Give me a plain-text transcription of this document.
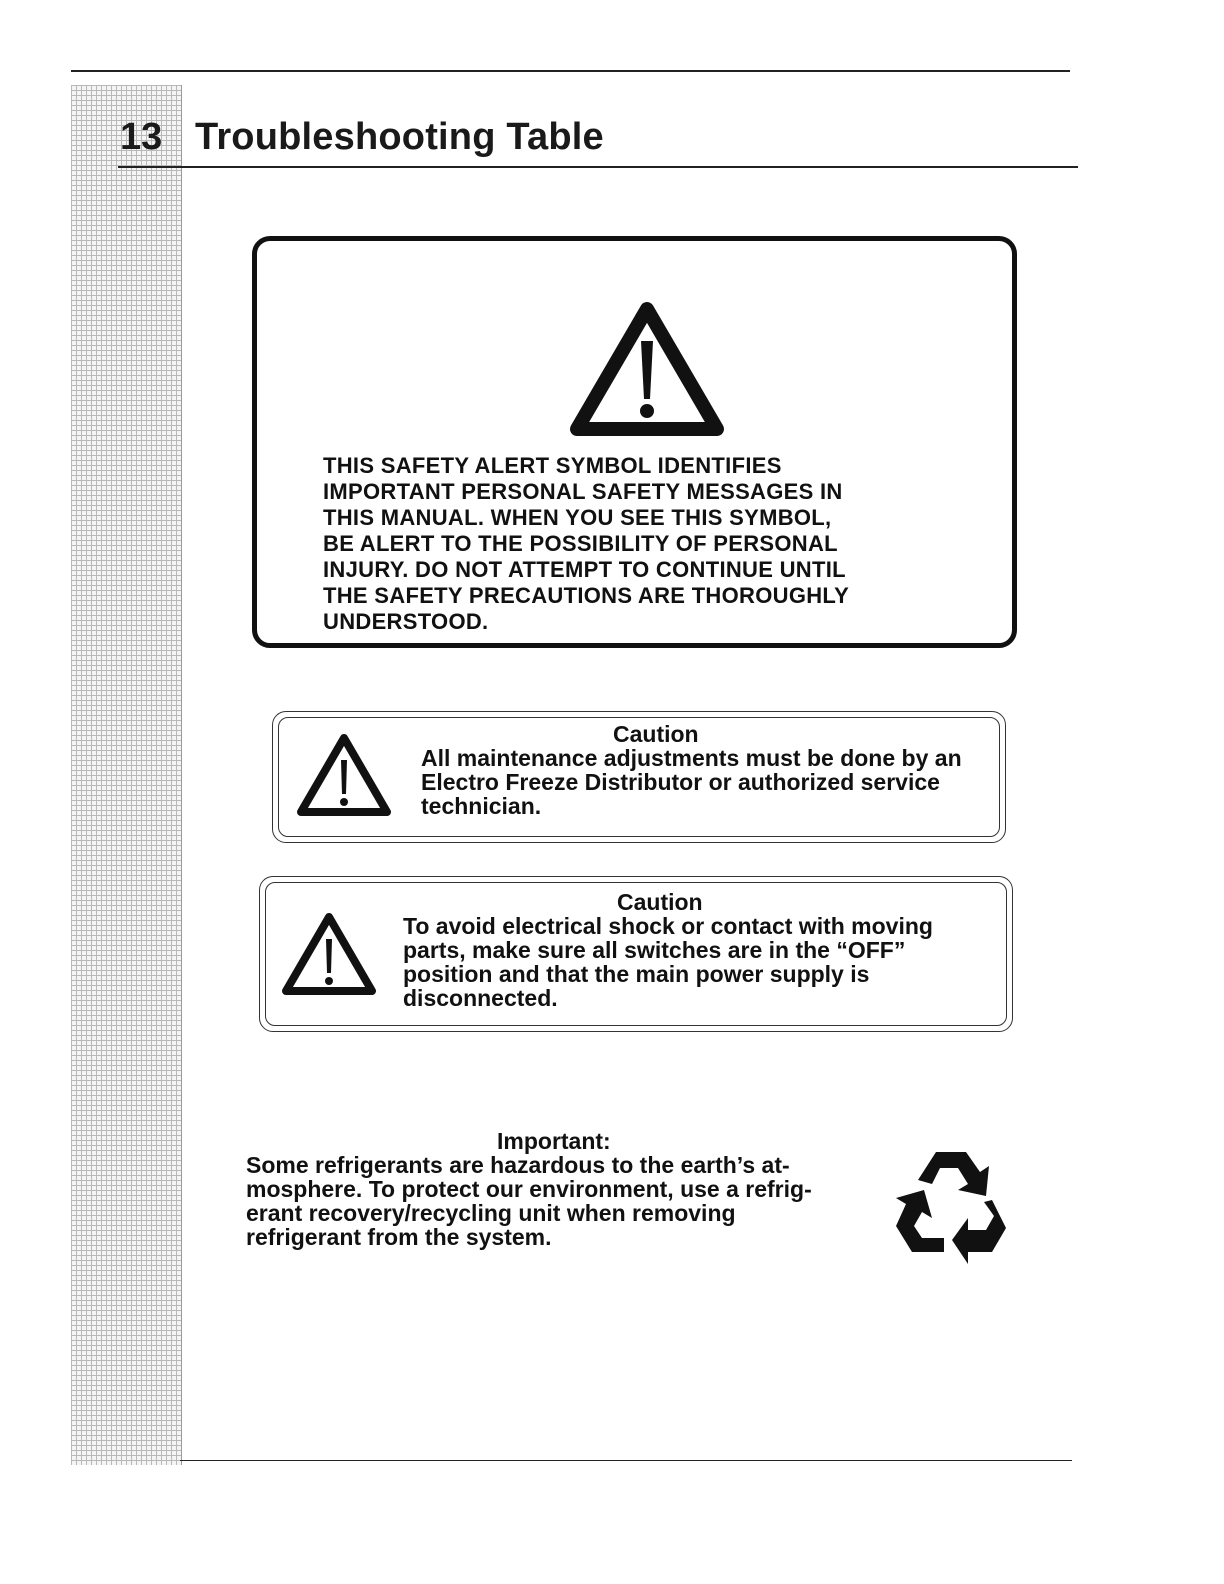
13 Troubleshooting Table
THIS SAFETY ALERT SYMBOL IDENTIFIES
IMPORTANT PERSONAL SAFETY MESSAGES IN
THIS MANUAL. WHEN YOU SEE THIS SYMBOL,
BE ALERT TO THE POSSIBILITY OF PERSONAL
INJURY. DO NOT ATTEMPT TO CONTINUE UNTIL
THE SAFETY PRECAUTIONS ARE THOROUGHLY
UNDERSTOOD.
Caution
All maintenance adjustments must be done by an
Electro Freeze Distributor or authorized service
technician.
Caution
To avoid electrical shock or contact with moving
parts, make sure all switches are in the “OFF”
position and that the main power supply is
disconnected.
Important:
Some refrigerants are hazardous to the earth’s at-
mosphere. To protect our environment, use a refrig-
erant recovery/recycling unit when removing
refrigerant from the system.
